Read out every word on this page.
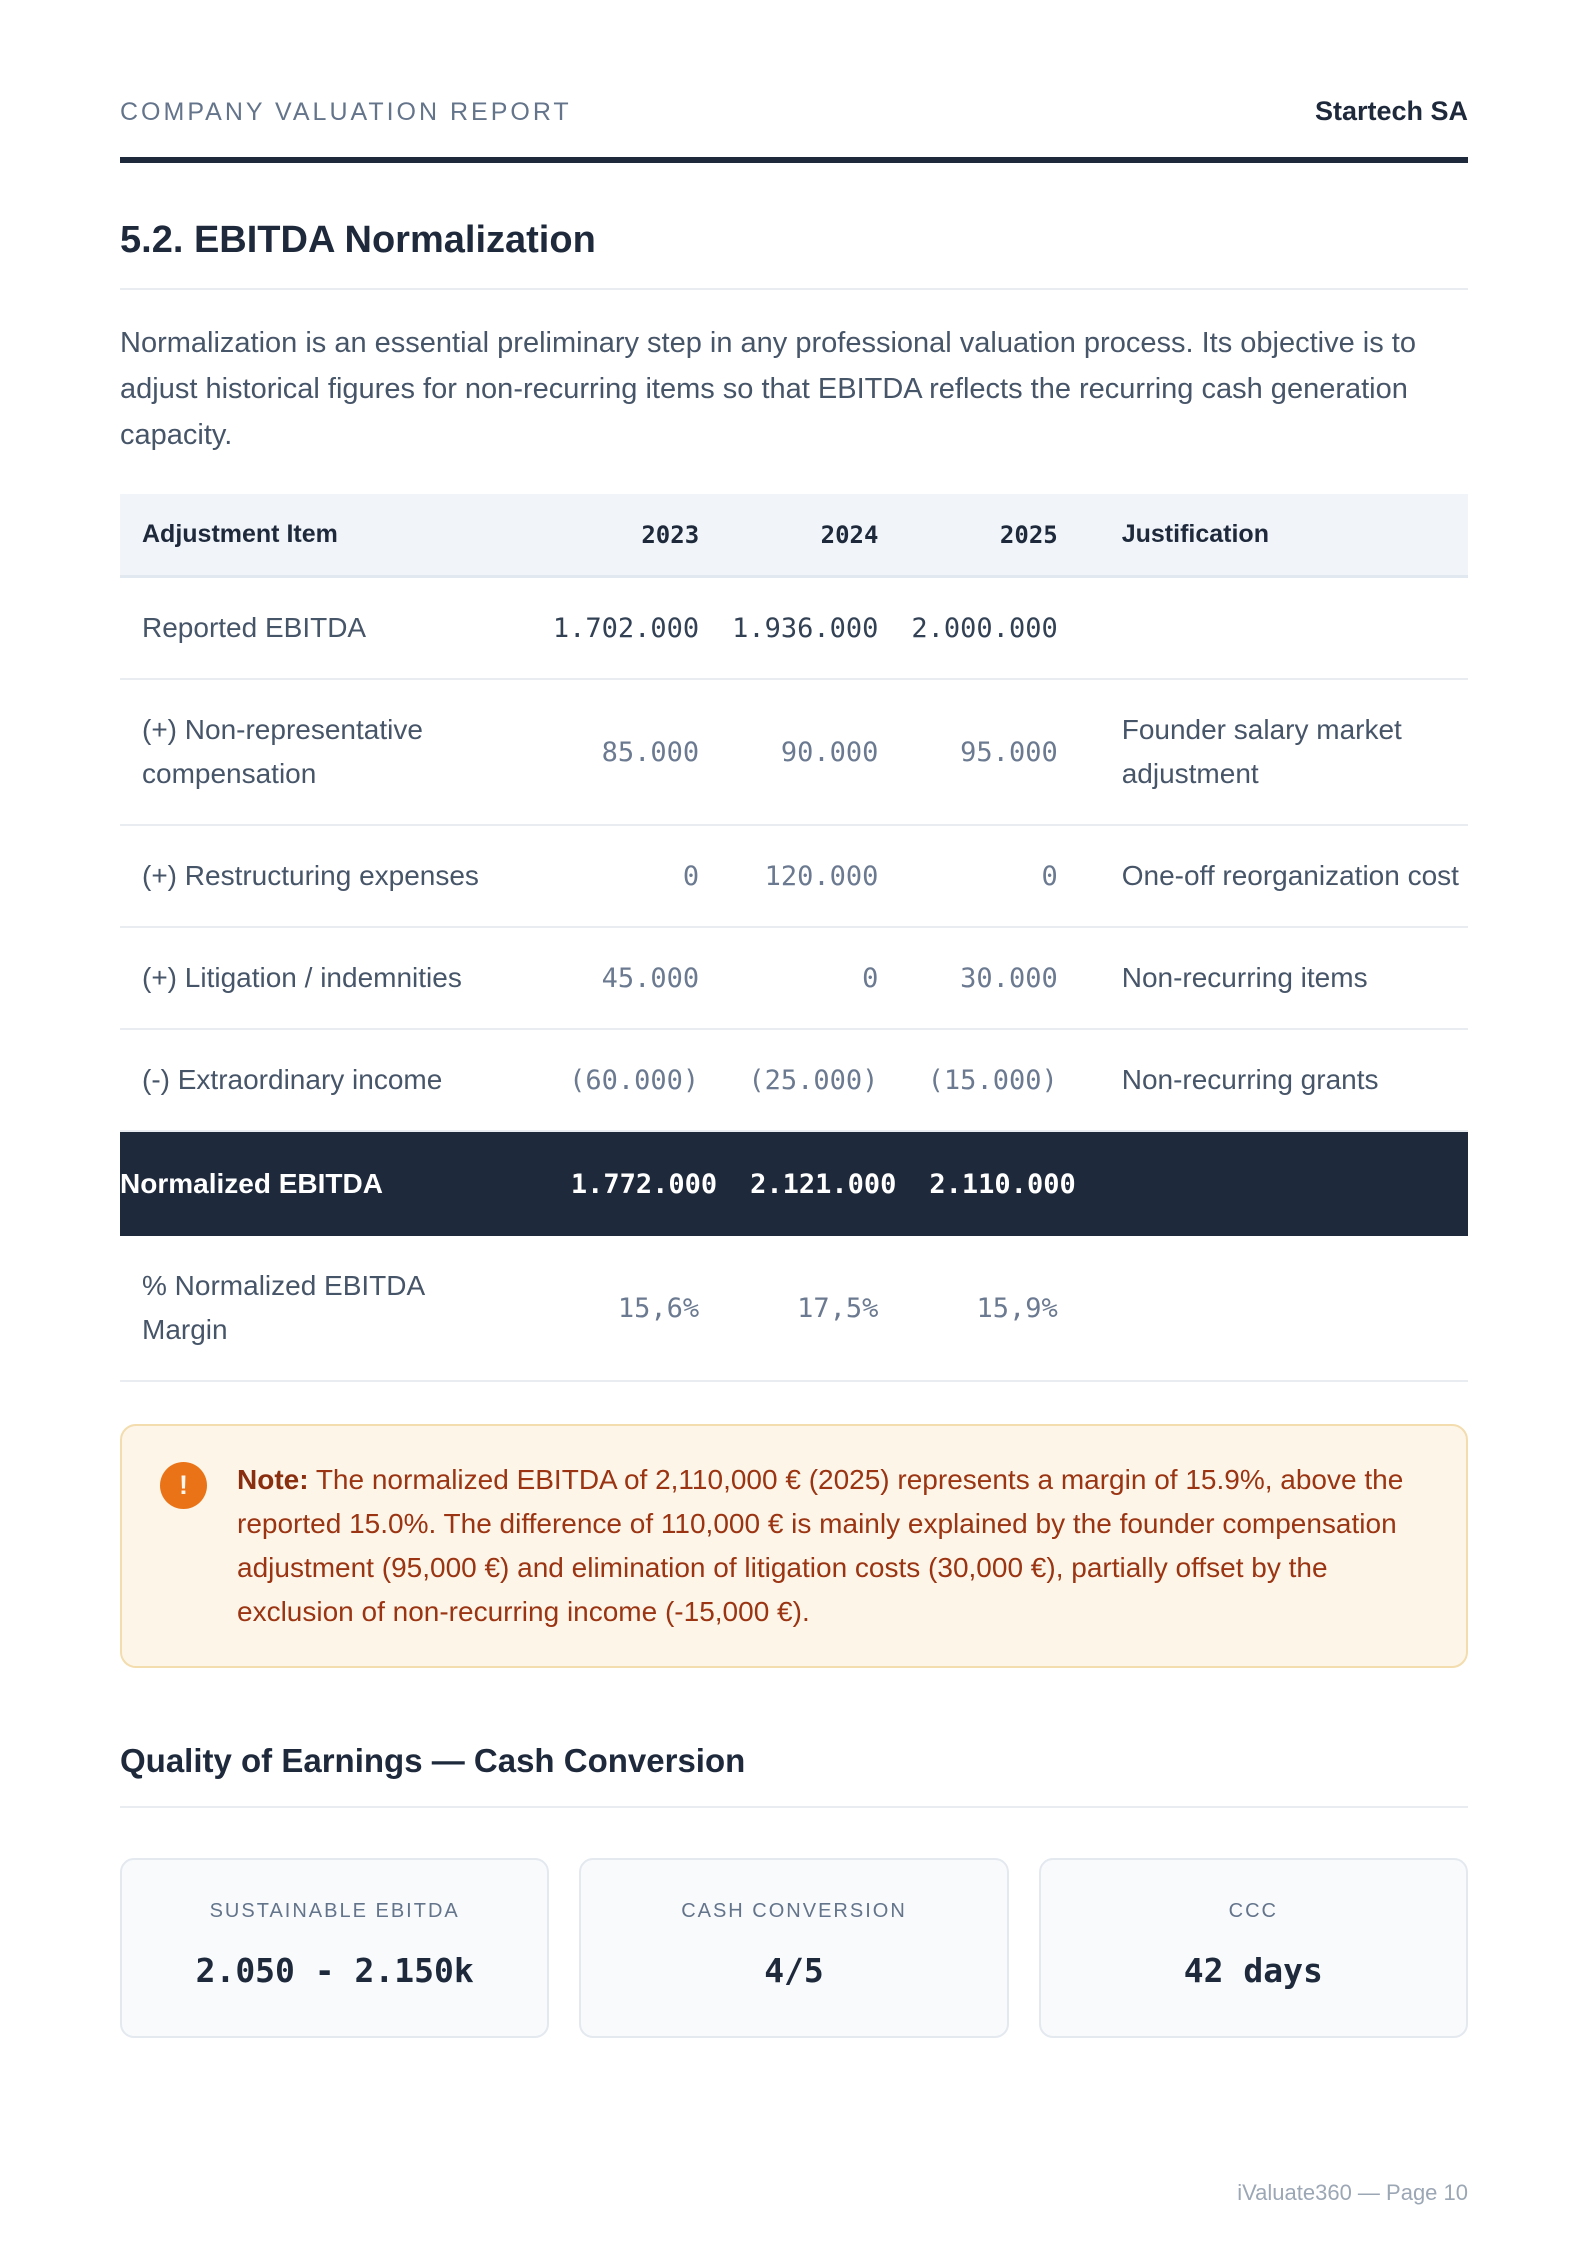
COMPANY VALUATION REPORT	Startech SA
5.2. EBITDA Normalization

Normalization is an essential preliminary step in any professional valuation process. Its objective is to adjust historical figures for non-recurring items so that EBITDA reflects the recurring cash generation capacity.

Adjustment Item	2023	2024	2025	Justification
Reported EBITDA	1.702.000	1.936.000	2.000.000	
(+) Non-representative compensation	85.000	90.000	95.000	Founder salary market adjustment
(+) Restructuring expenses	0	120.000	0	One-off reorganization cost
(+) Litigation / indemnities	45.000	0	30.000	Non-recurring items
(-) Extraordinary income	(60.000)	(25.000)	(15.000)	Non-recurring grants
Normalized EBITDA	1.772.000	2.121.000	2.110.000	
% Normalized EBITDA Margin	15,6%	17,5%	15,9%	
!	Note: The normalized EBITDA of 2,110,000 € (2025) represents a margin of 15.9%, above the reported 15.0%. The difference of 110,000 € is mainly explained by the founder compensation adjustment (95,000 €) and elimination of litigation costs (30,000 €), partially offset by the exclusion of non-recurring income (-15,000 €).

Quality of Earnings — Cash Conversion
SUSTAINABLE EBITDA
2.050 - 2.150k
CASH CONVERSION
4/5
CCC
42 days
iValuate360 — Page 10
